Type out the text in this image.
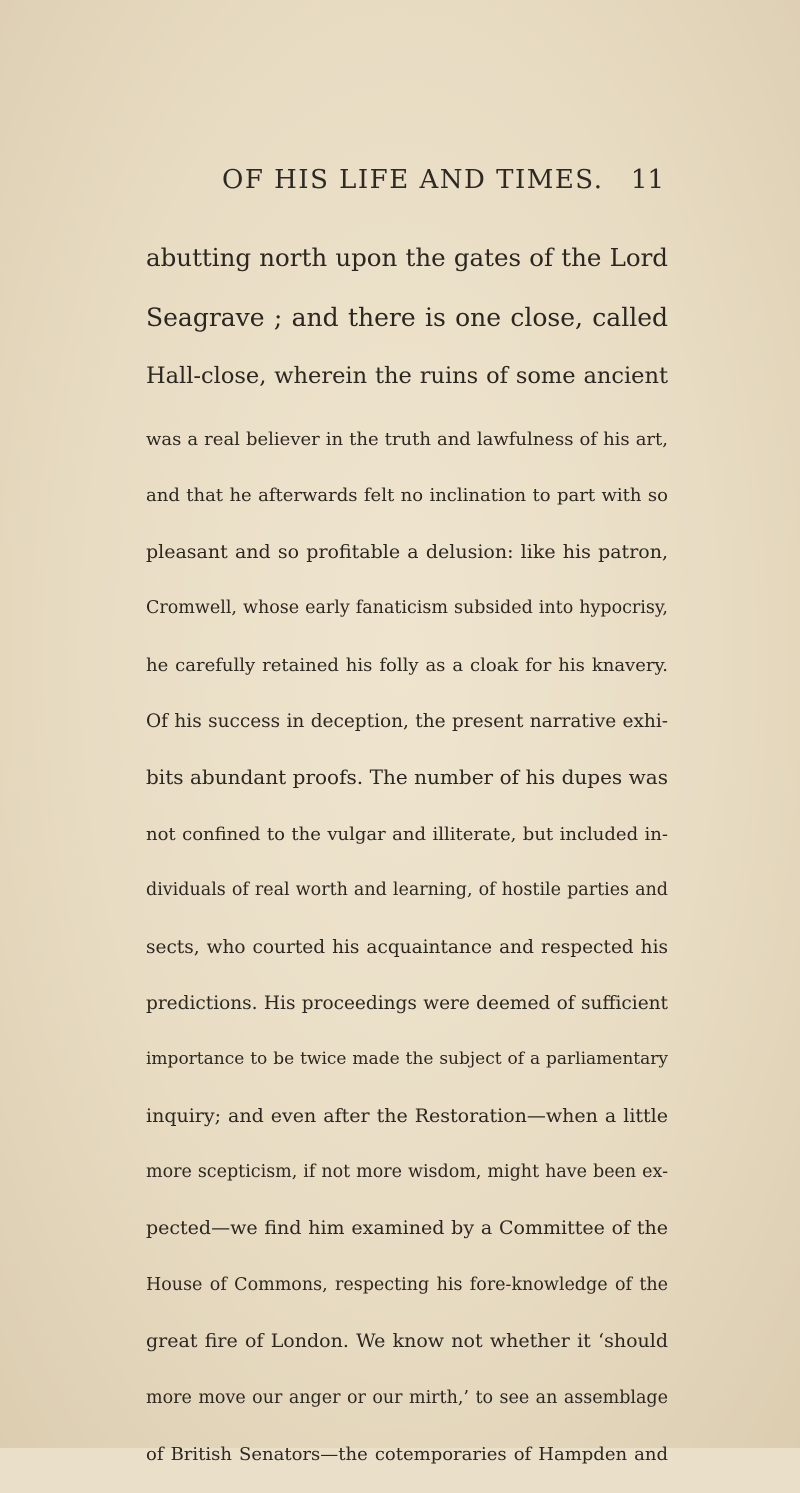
OF HIS LIFE AND TIMES.	11
abutting north upon the gates of the Lord
Seagrave ; and there is one close, called
Hall-close, wherein the ruins of some ancient
was a real believer in the truth and lawfulness of his art,
and that he afterwards felt no inclination to part with so
pleasant and so profitable a delusion: like his patron,
Cromwell, whose early fanaticism subsided into hypocrisy,
he carefully retained his folly as a cloak for his knavery.
Of his success in deception, the present narrative exhi-
bits abundant proofs. The number of his dupes was
not confined to the vulgar and illiterate, but included in-
dividuals of real worth and learning, of hostile parties and
sects, who courted his acquaintance and respected his
predictions. His proceedings were deemed of sufficient
importance to be twice made the subject of a parliamentary
inquiry; and even after the Restoration—when a little
more scepticism, if not more wisdom, might have been ex-
pected—we find him examined by a Committee of the
House of Commons, respecting his fore-knowledge of the
great fire of London. We know not whether it ‘should
more move our anger or our mirth,’ to see an assemblage
of British Senators—the cotemporaries of Hampden and
